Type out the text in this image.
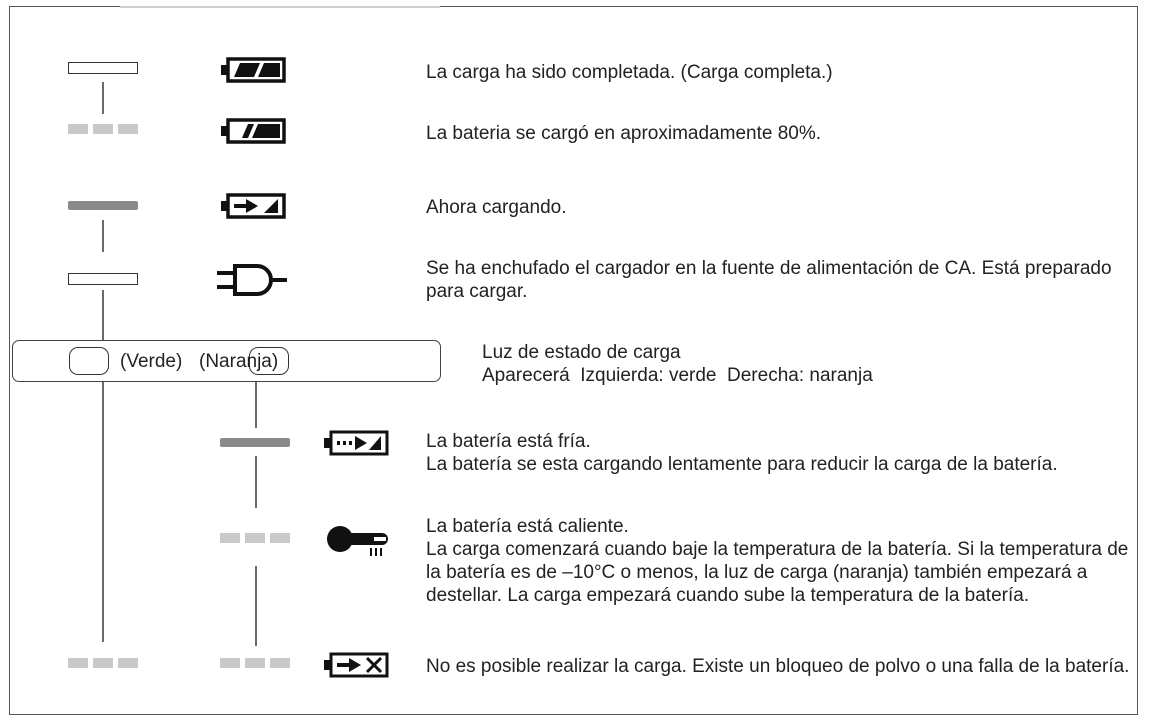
La carga ha sido completada. (Carga completa.)
La bateria se cargó en aproximadamente 80%.
Ahora cargando.
Se ha enchufado el cargador en la fuente de alimentación de CA. Está preparado para cargar.
(Verde) (Naranja)	Luz de estado de carga
Aparecerá  Izquierda: verde  Derecha: naranja
La batería está fría.
La batería se esta cargando lentamente para reducir la carga de la batería.
La batería está caliente.
La carga comenzará cuando baje la temperatura de la batería. Si la temperatura de la batería es de –10°C o menos, la luz de carga (naranja) también empezará a destellar. La carga empezará cuando sube la temperatura de la batería.
No es posible realizar la carga. Existe un bloqueo de polvo o una falla de la batería.
